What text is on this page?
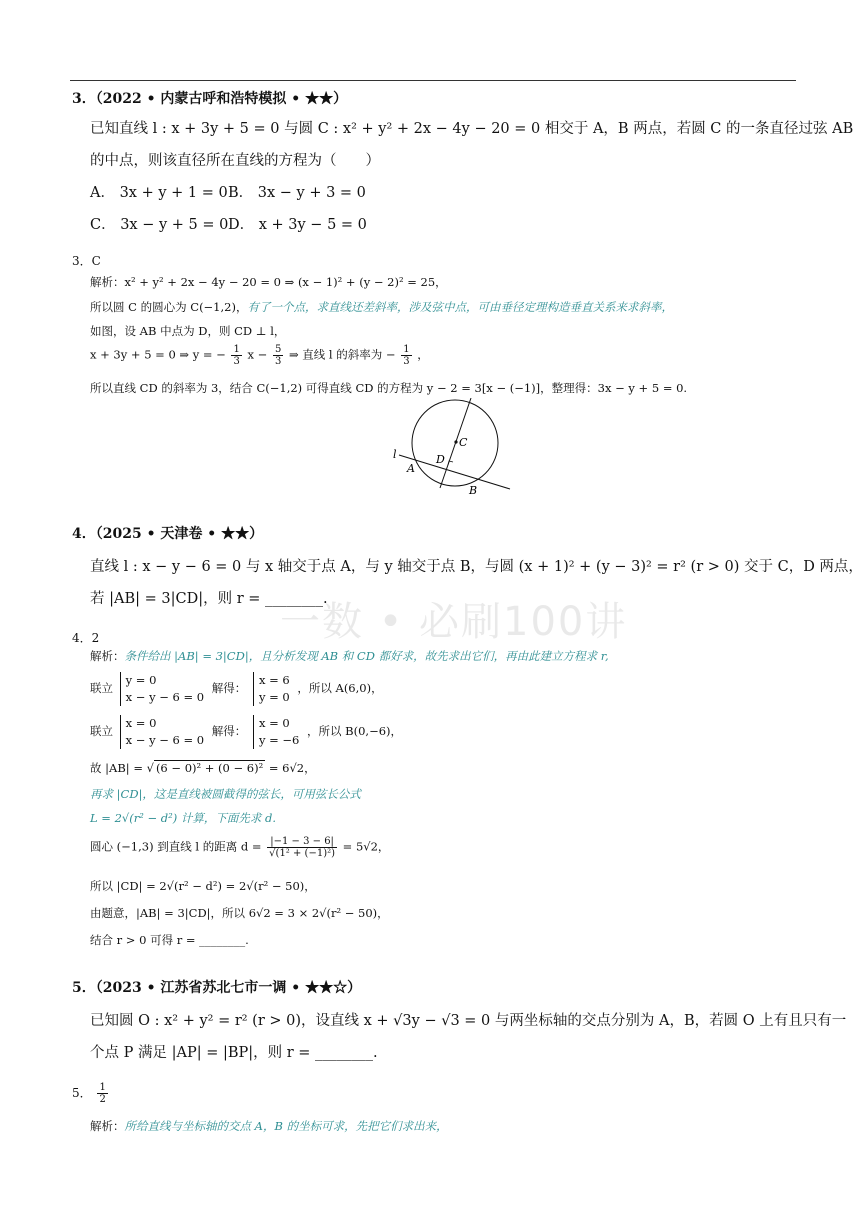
一数 • 必刷100讲
3．（2022 • 内蒙古呼和浩特模拟 • ★★）
已知直线 l : x + 3y + 5 = 0 与圆 C : x² + y² + 2x − 4y − 20 = 0 相交于 A，B 两点，若圆 C 的一条直径过弦 AB
的中点，则该直径所在直线的方程为（　　）
A． 3x + y + 1 = 0 B． 3x − y + 3 = 0
C． 3x − y + 5 = 0 D． x + 3y − 5 = 0
3．C
解析：x² + y² + 2x − 4y − 20 = 0 ⇒ (x − 1)² + (y − 2)² = 25，
所以圆 C 的圆心为 C(−1,2)，有了一个点，求直线还差斜率，涉及弦中点，可由垂径定理构造垂直关系来求斜率，
如图，设 AB 中点为 D，则 CD ⊥ l，
x + 3y + 5 = 0 ⇒ y = − $\frac{1}{3}$ $x - \frac{5}{3}$ ⇒ 直线 l 的斜率为 − $\frac{1}{3}$ ，
所以直线 CD 的斜率为 3，结合 C(−1,2) 可得直线 CD 的方程为 y − 2 = 3[x − (−1)]，整理得：3x − y + 5 = 0.
l
C
D
A
B
4．（2025 • 天津卷 • ★★）
直线 l : x − y − 6 = 0 与 x 轴交于点 A，与 y 轴交于点 B，与圆 (x + 1)² + (y − 3)² = r² (r > 0) 交于 C，D 两点，
若 |AB| = 3|CD|，则 r = ________.
4．2
解析：条件给出 |AB| = 3|CD|，且分析发现 AB 和 CD 都好求，故先求出它们，再由此建立方程求 r,
联立 y = 0
x − y − 6 = 0 解得： x = 6
y = 0 ，所以 A(6,0)，
联立 x = 0
x − y − 6 = 0 解得： x = 0
y = −6 ，所以 B(0,−6)，
故 |AB| = √ (6 − 0)² + (0 − 6)² = 6√2，
再求 |CD|，这是直线被圆截得的弦长，可用弦长公式
L = 2√(r² − d²) 计算，下面先求 d.
圆心 (−1,3) 到直线 l 的距离 $d = \frac{|-1 - 3 - 6|}{\text{√(1² + (−1)²)}} = 5√2$，
所以 |CD| = 2√(r² − d²) = 2√(r² − 50)，
由题意，|AB| = 3|CD|，所以 6√2 = 3 × 2√(r² − 50)，
结合 r > 0 可得 r = ________.
5．（2023 • 江苏省苏北七市一调 • ★★☆）
已知圆 O : x² + y² = r² (r > 0)，设直线 x + √3y − √3 = 0 与两坐标轴的交点分别为 A，B，若圆 O 上有且只有一
个点 P 满足 |AP| = |BP|，则 r = ________.
5． $\frac{1}{2}$
解析：所给直线与坐标轴的交点 A，B 的坐标可求，先把它们求出来，
